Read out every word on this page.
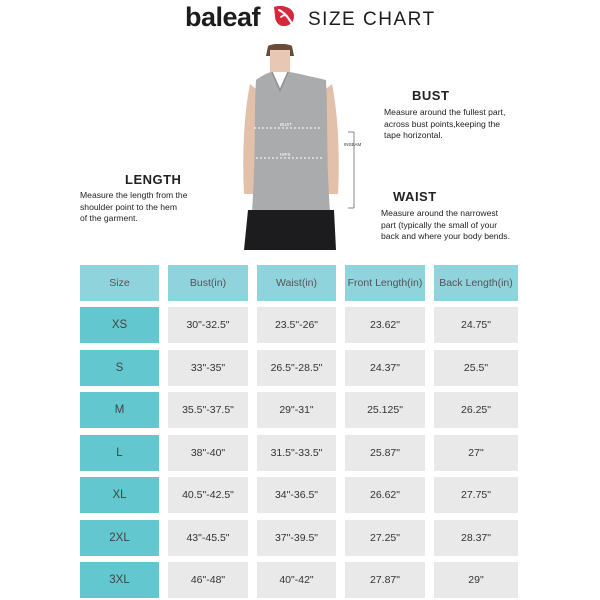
baleaf	SIZE CHART
BUST
HIPS
INSEAM
BUST
Measure around the fullest part,
across bust points,keeping the
tape horizontal.
LENGTH
Measure the length from the
shoulder point to the hem
of the garment.
WAIST
Measure around the narrowest
part (typically the small of your
back and where your body bends.
Size	Bust(in)	Waist(in)	Front Length(in)	Back Length(in)
XS	30"-32.5"	23.5"-26"	23.62"	24.75"
S	33"-35"	26.5"-28.5"	24.37"	25.5"
M	35.5"-37.5"	29"-31"	25.125"	26.25"
L	38"-40"	31.5"-33.5"	25.87"	27"
XL	40.5"-42.5"	34"-36.5"	26.62"	27.75"
2XL	43"-45.5"	37"-39.5"	27.25"	28.37"
3XL	46"-48"	40"-42"	27.87"	29"
